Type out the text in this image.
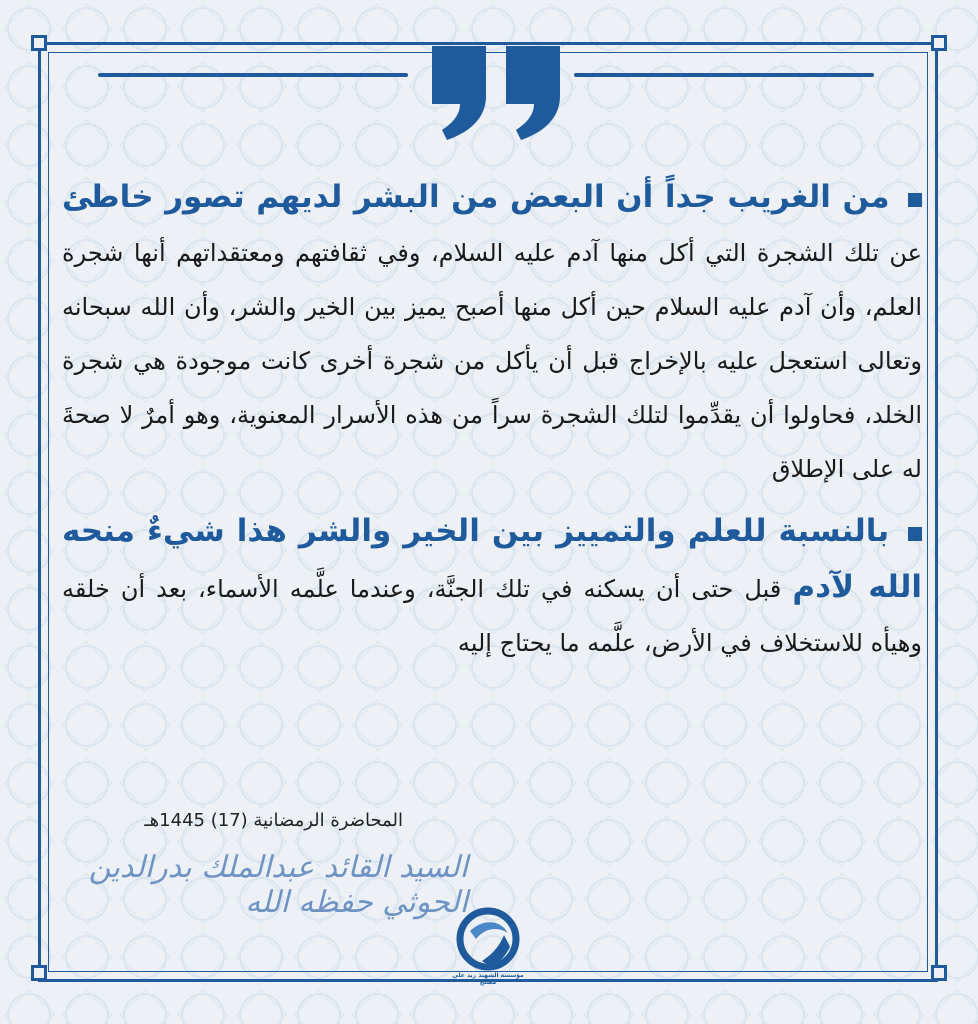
من الغريب جداً أن البعض من البشر لديهم تصور خاطئ عن تلك الشجرة التي أكل منها آدم عليه السلام، وفي ثقافتهم ومعتقداتهم أنها شجرة العلم، وأن آدم عليه السلام حين أكل منها أصبح يميز بين الخير والشر، وأن الله سبحانه وتعالى استعجل عليه بالإخراج قبل أن يأكل من شجرة أخرى كانت موجودة هي شجرة الخلد، فحاولوا أن يقدِّموا لتلك الشجرة سراً من هذه الأسرار المعنوية، وهو أمرٌ لا صحةَ له على الإطلاق

بالنسبة للعلم والتمييز بين الخير والشر هذا شيءٌ منحه الله لآدم قبل حتى أن يسكنه في تلك الجنَّة، وعندما علَّمه الأسماء، بعد أن خلقه وهيأه للاستخلاف في الأرض، علَّمه ما يحتاج إليه

المحاضرة الرمضانية (17) 1445هـ
السيد القائد عبدالملك بدرالدين الحوثي حفظه الله
مؤسسة الشهيد زيد علي مصلح
